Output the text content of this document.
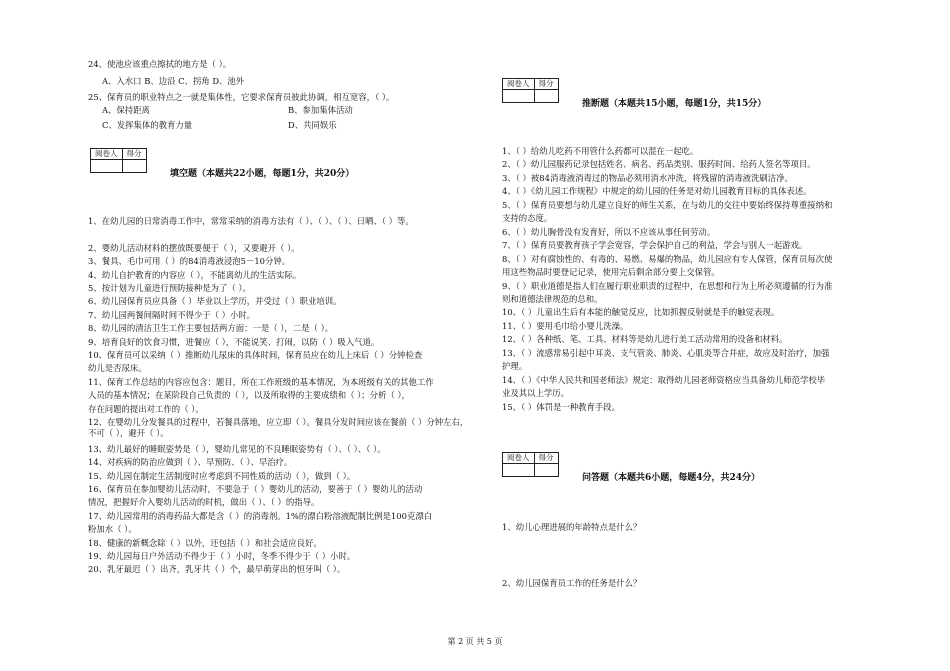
24、使池应该重点擦拭的地方是（ ）。
A、入水口 B、边沿 C、拐角 D、池外
25、保育员的职业特点之一就是集体性，它要求保育员彼此协调，相互宽容，（ ）。
A、保持距离	B、参加集体活动
C、发挥集体的教育力量	D、共同娱乐
阅卷人	得分

填空题（本题共22小题，每题1分，共20分）
1、在幼儿园的日常消毒工作中，常常采纳的消毒方法有（ ）、（ ）、（ ）、日晒、（ ）等。
2、婴幼儿活动材料的摆放既要便于（ ），又要避开（ ）。
3、餐具、毛巾可用（ ）的84消毒液浸泡5－10分钟。
4、幼儿自护教育的内容应（ ），不能离幼儿的生活实际。
5、按计划为儿童进行预防接种是为了（ ）。
6、幼儿园保育员应具备（ ）毕业以上学历，并受过（ ）职业培训。
7、幼儿园两餐间隔时间不得少于（ ）小时。
8、幼儿园的清洁卫生工作主要包括两方面：一是（ ），二是（ ）。
9、培育良好的饮食习惯，进餐应（ ），不能说笑、打闹，以防（ ）吸入气道。
10、保育员可以采纳（ ）推断幼儿尿床的具体时间，保育员应在幼儿上床后（ ）分钟检查
幼儿是否尿床。
11、保育工作总结的内容应包含：题目，所在工作班级的基本情况，为本班级有关的其他工作
人员的基本情况；在某阶段自己负责的（ ），以及所取得的主要成绩和（ ）；分析（ ），
存在问题的提出对工作的（ ）。
12、在婴幼儿分发餐具的过程中，若餐具落地，应立即（ ）。餐具分发时间应该在餐前（ ）分钟左右，不可（ ），避开（ ）。
13、幼儿最好的睡眠姿势是（ ），婴幼儿常见的不良睡眠姿势有（ ）、（ ）、（ ）。
14、对疾病的防治应做到（ ）、早预防、（ ）、早治疗。
15、幼儿园在制定生活制度时应考虑到不同性质的活动（ ），做到（ ）。
16、保育员在参加婴幼儿活动时，不要急于（ ）婴幼儿的活动，要善于（ ）婴幼儿的活动
情况，把握好介入婴幼儿活动的时机，做出（ ）、（ ）的指导。
17、幼儿园常用的消毒药品大都是含（ ）的消毒剂。1%的漂白粉溶液配制比例是100克漂白
粉加水（ ）。
18、健康的新概念除（ ）以外，还包括（ ）和社会适应良好。
19、幼儿园每日户外活动不得少于（ ）小时，冬季不得少于（ ）小时。
20、乳牙最迟（ ）出齐，乳牙共（ ）个，最早萌芽出的恒牙叫（ ）。
阅卷人	得分

推断题（本题共15小题，每题1分，共15分）
1、（ ）给幼儿吃药不用管什么药都可以混在一起吃。
2、（ ）幼儿园服药记录包括姓名、病名、药品类别、服药时间、给药人签名等项目。
3、（ ）被84消毒液消毒过的物品必须用消水冲洗，将残留的消毒液洗刷洁净。
4、（ ）《幼儿园工作规程》中规定的幼儿园的任务是对幼儿园教育目标的具体表述。
5、（ ）保育员要想与幼儿建立良好的师生关系，在与幼儿的交往中要始终保持尊重接纳和
支持的态度。
6、（ ）幼儿胸骨没有发育好，所以不应该从事任何劳动。
7、（ ）保育员要教育孩子学会宽容，学会保护自己的利益，学会与别人一起游戏。
8、（ ）对有腐蚀性的、有毒的、易燃、易爆的物品，幼儿园应有专人保管，保育员每次使
用这些物品时要登记记录，使用完后剩余部分要上交保管。
9、（ ）职业道德是指人们在履行职业职责的过程中，在思想和行为上所必须遵循的行为准
则和道德法律规范的总和。
10、（ ）儿童出生后有本能的触觉反应，比如抓握反射就是手的触觉表现。
11、（ ）要用毛巾给小婴儿洗澡。
12、（ ）各种纸、笔、工具、材料等是幼儿进行美工活动常用的设备和材料。
13、（ ）流感常易引起中耳炎、支气管炎、肺炎、心肌炎等合并症，故应及时治疗，加强
护理。
14、（ ）《中华人民共和国老师法》规定：取得幼儿园老师资格应当具备幼儿师范学校毕
业及其以上学历。
15、（ ）体罚是一种教育手段。
阅卷人	得分

问答题（本题共6小题，每题4分，共24分）
1、幼儿心理进展的年龄特点是什么？
2、幼儿园保育员工作的任务是什么？
第 2 页 共 5 页
